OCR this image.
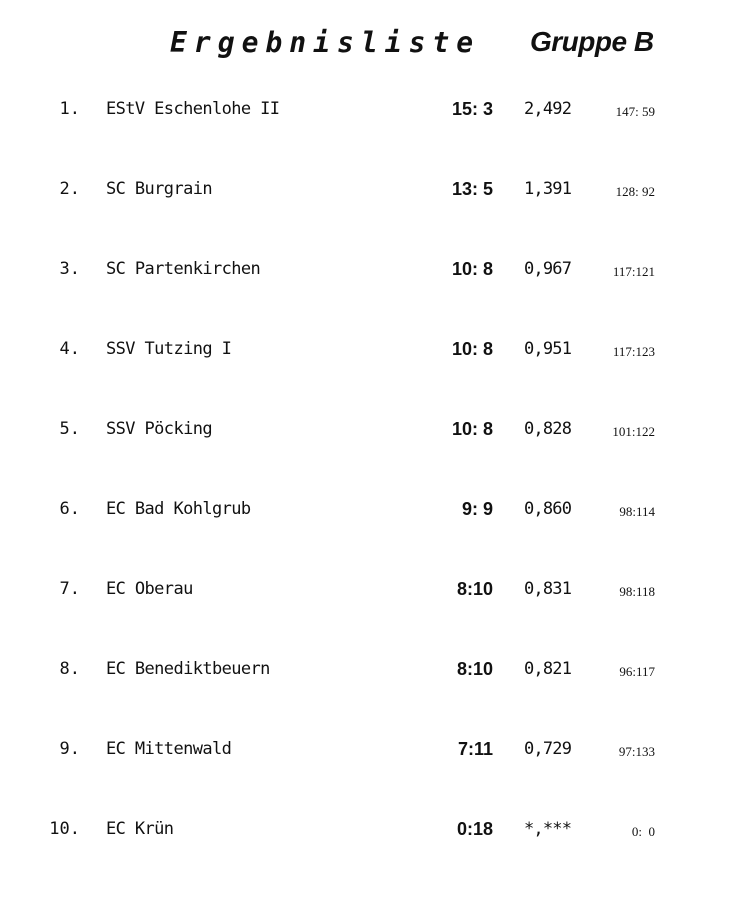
Ergebnisliste Gruppe B
1. EStV Eschenlohe II	15: 3 2,492	147: 59
2. SC Burgrain	13: 5 1,391	128: 92
3. SC Partenkirchen	10: 8 0,967	117:121
4. SSV Tutzing I	10: 8 0,951	117:123
5. SSV Pöcking	10: 8 0,828	101:122
6. EC Bad Kohlgrub	9: 9 0,860	98:114
7. EC Oberau	8:10 0,831	98:118
8. EC Benediktbeuern	8:10 0,821	96:117
9. EC Mittenwald	7:11 0,729	97:133
10. EC Krün	0:18 *,***	0:  0
